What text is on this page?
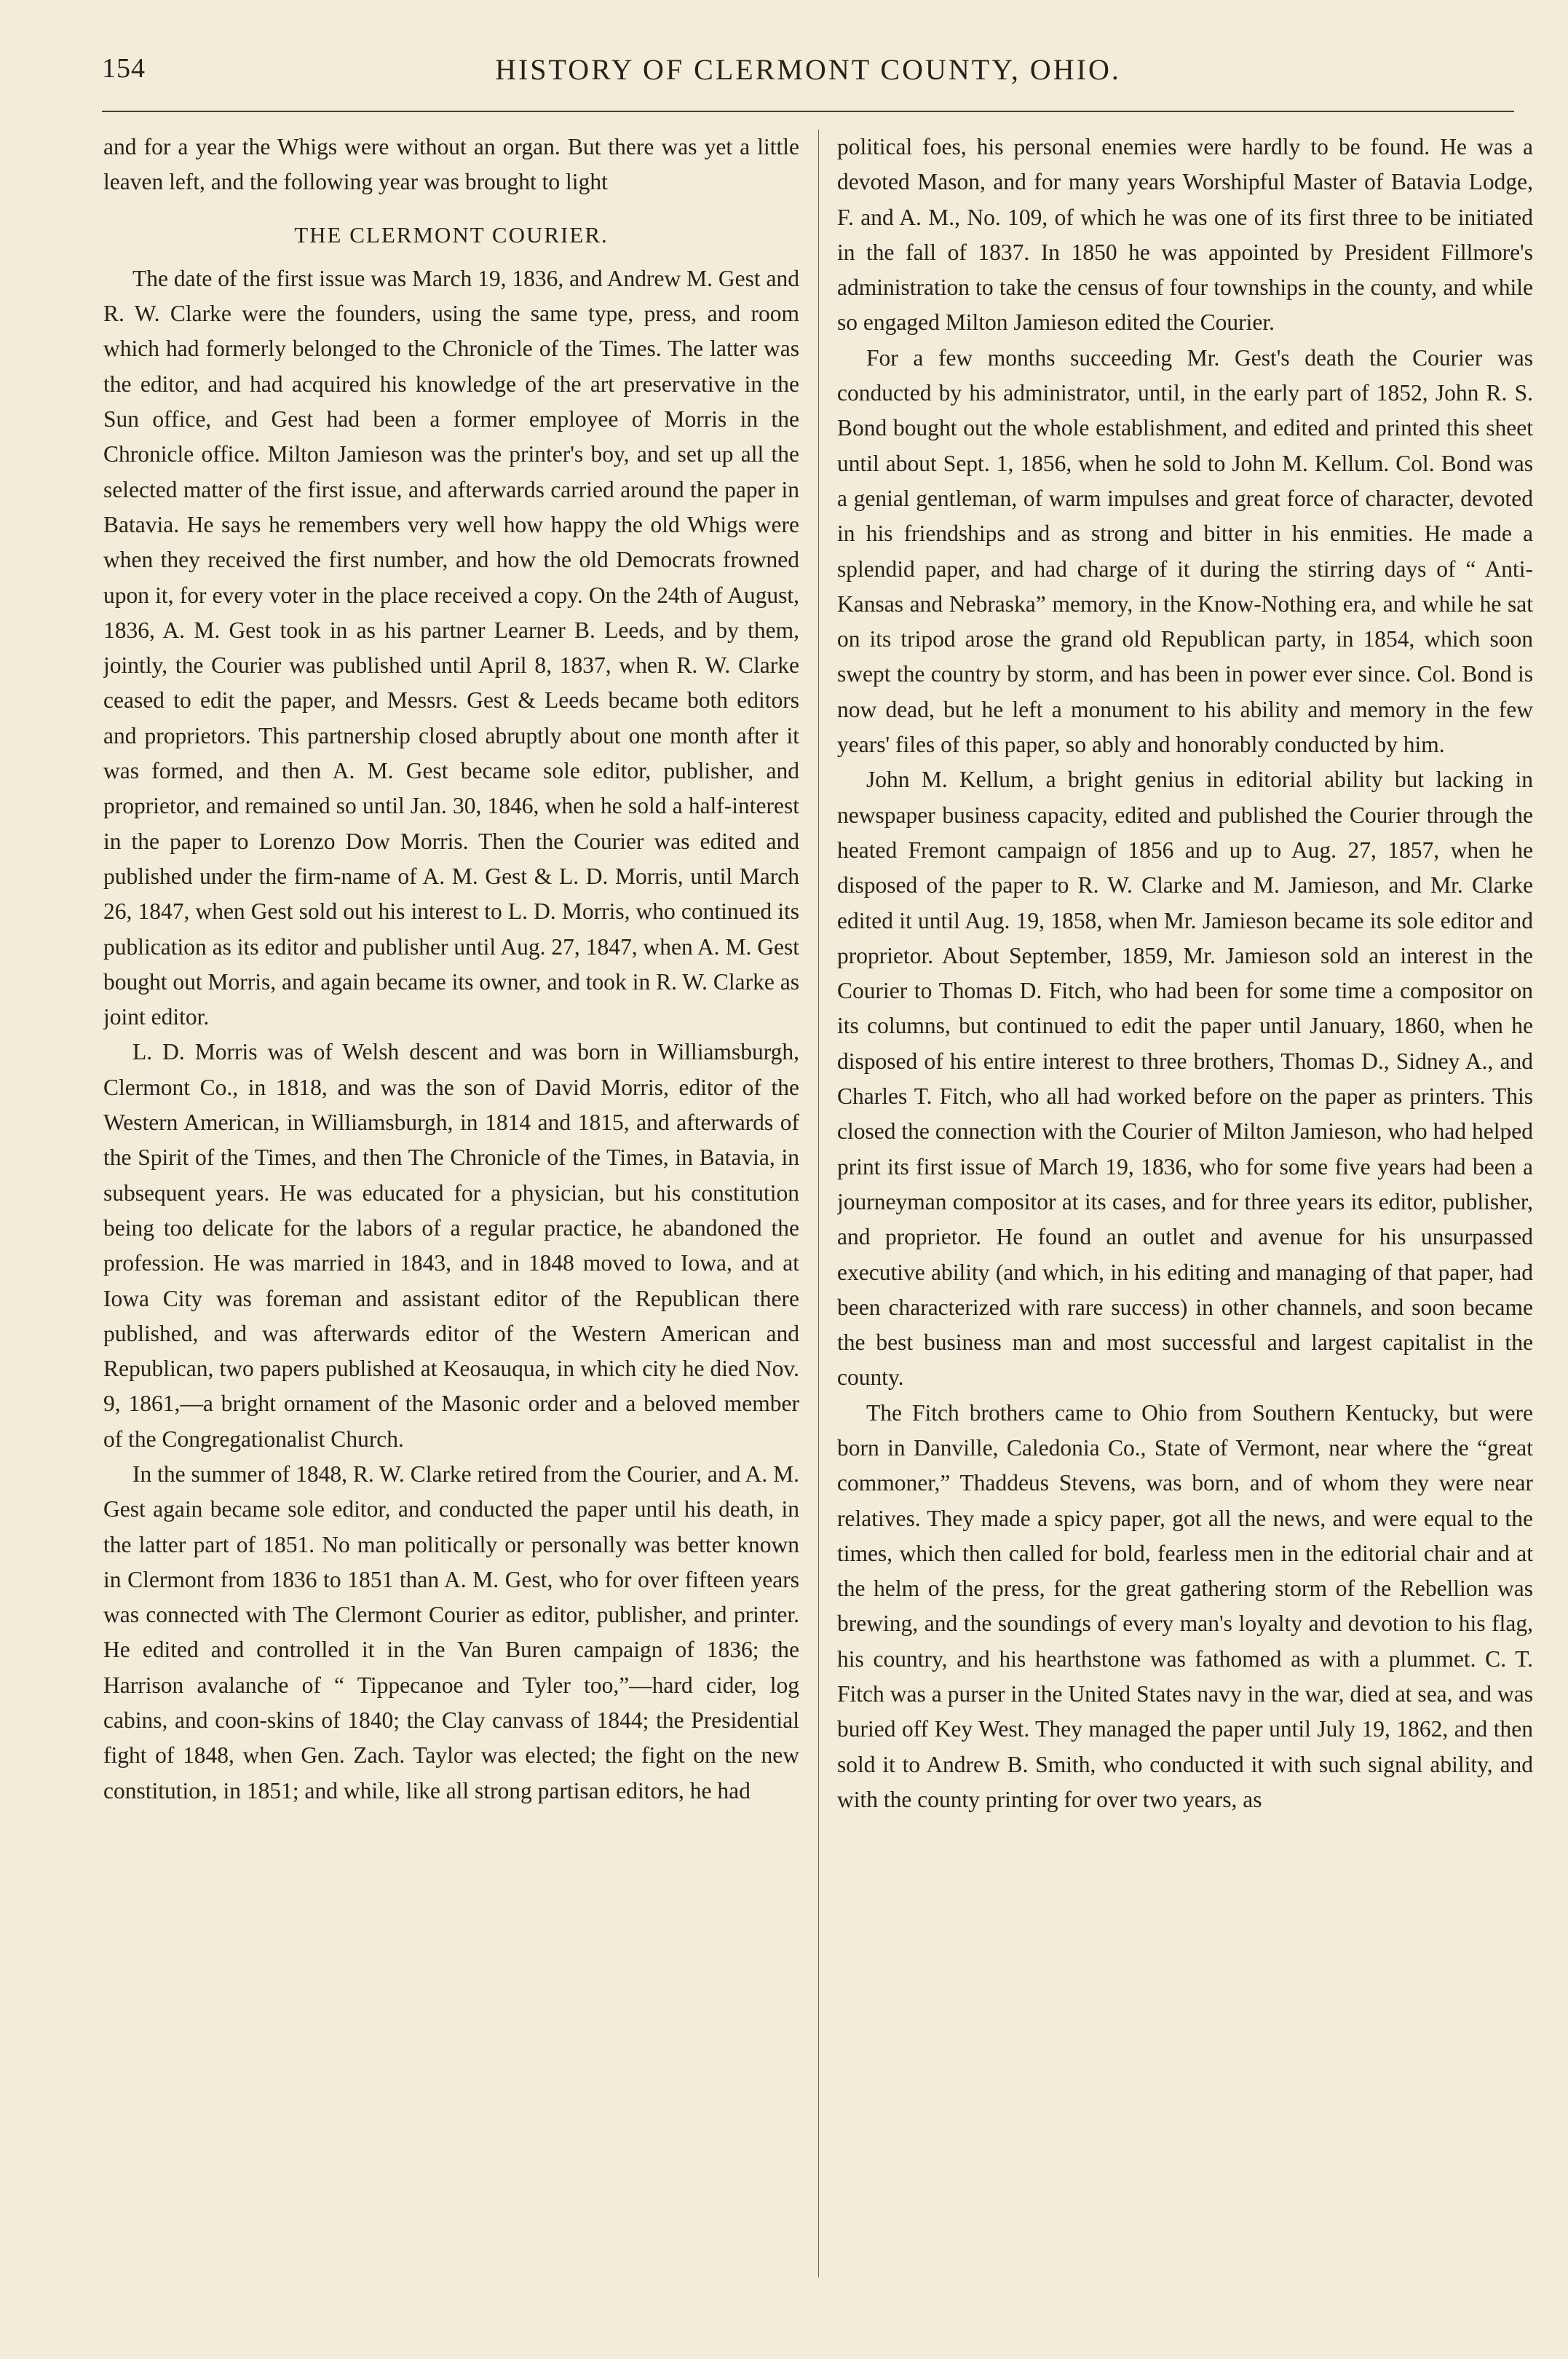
154	HISTORY OF CLERMONT COUNTY, OHIO.

and for a year the Whigs were without an organ. But there was yet a little leaven left, and the following year was brought to light

THE CLERMONT COURIER.

The date of the first issue was March 19, 1836, and Andrew M. Gest and R. W. Clarke were the founders, using the same type, press, and room which had formerly belonged to the Chronicle of the Times. The latter was the editor, and had acquired his knowledge of the art preservative in the Sun office, and Gest had been a former employee of Morris in the Chronicle office. Milton Jamieson was the printer's boy, and set up all the selected matter of the first issue, and afterwards carried around the paper in Batavia. He says he remembers very well how happy the old Whigs were when they received the first number, and how the old Democrats frowned upon it, for every voter in the place received a copy. On the 24th of August, 1836, A. M. Gest took in as his partner Learner B. Leeds, and by them, jointly, the Courier was published until April 8, 1837, when R. W. Clarke ceased to edit the paper, and Messrs. Gest & Leeds became both editors and proprietors. This partnership closed abruptly about one month after it was formed, and then A. M. Gest became sole editor, publisher, and proprietor, and remained so until Jan. 30, 1846, when he sold a half-interest in the paper to Lorenzo Dow Morris. Then the Courier was edited and published under the firm-name of A. M. Gest & L. D. Morris, until March 26, 1847, when Gest sold out his interest to L. D. Morris, who continued its publication as its editor and publisher until Aug. 27, 1847, when A. M. Gest bought out Morris, and again became its owner, and took in R. W. Clarke as joint editor.

L. D. Morris was of Welsh descent and was born in Williamsburgh, Clermont Co., in 1818, and was the son of David Morris, editor of the Western American, in Williamsburgh, in 1814 and 1815, and afterwards of the Spirit of the Times, and then The Chronicle of the Times, in Batavia, in subsequent years. He was educated for a physician, but his constitution being too delicate for the labors of a regular practice, he abandoned the profession. He was married in 1843, and in 1848 moved to Iowa, and at Iowa City was foreman and assistant editor of the Republican there published, and was afterwards editor of the Western American and Republican, two papers published at Keosauqua, in which city he died Nov. 9, 1861,—a bright ornament of the Masonic order and a beloved member of the Congregationalist Church.

In the summer of 1848, R. W. Clarke retired from the Courier, and A. M. Gest again became sole editor, and conducted the paper until his death, in the latter part of 1851. No man politically or personally was better known in Clermont from 1836 to 1851 than A. M. Gest, who for over fifteen years was connected with The Clermont Courier as editor, publisher, and printer. He edited and controlled it in the Van Buren campaign of 1836; the Harrison avalanche of “ Tippecanoe and Tyler too,”—hard cider, log cabins, and coon-skins of 1840; the Clay canvass of 1844; the Presidential fight of 1848, when Gen. Zach. Taylor was elected; the fight on the new constitution, in 1851; and while, like all strong partisan editors, he had

political foes, his personal enemies were hardly to be found. He was a devoted Mason, and for many years Worshipful Master of Batavia Lodge, F. and A. M., No. 109, of which he was one of its first three to be initiated in the fall of 1837. In 1850 he was appointed by President Fillmore's administration to take the census of four townships in the county, and while so engaged Milton Jamieson edited the Courier.

For a few months succeeding Mr. Gest's death the Courier was conducted by his administrator, until, in the early part of 1852, John R. S. Bond bought out the whole establishment, and edited and printed this sheet until about Sept. 1, 1856, when he sold to John M. Kellum. Col. Bond was a genial gentleman, of warm impulses and great force of character, devoted in his friendships and as strong and bitter in his enmities. He made a splendid paper, and had charge of it during the stirring days of “ Anti-Kansas and Nebraska” memory, in the Know-Nothing era, and while he sat on its tripod arose the grand old Republican party, in 1854, which soon swept the country by storm, and has been in power ever since. Col. Bond is now dead, but he left a monument to his ability and memory in the few years' files of this paper, so ably and honorably conducted by him.

John M. Kellum, a bright genius in editorial ability but lacking in newspaper business capacity, edited and published the Courier through the heated Fremont campaign of 1856 and up to Aug. 27, 1857, when he disposed of the paper to R. W. Clarke and M. Jamieson, and Mr. Clarke edited it until Aug. 19, 1858, when Mr. Jamieson became its sole editor and proprietor. About September, 1859, Mr. Jamieson sold an interest in the Courier to Thomas D. Fitch, who had been for some time a compositor on its columns, but continued to edit the paper until January, 1860, when he disposed of his entire interest to three brothers, Thomas D., Sidney A., and Charles T. Fitch, who all had worked before on the paper as printers. This closed the connection with the Courier of Milton Jamieson, who had helped print its first issue of March 19, 1836, who for some five years had been a journeyman compositor at its cases, and for three years its editor, publisher, and proprietor. He found an outlet and avenue for his unsurpassed executive ability (and which, in his editing and managing of that paper, had been characterized with rare success) in other channels, and soon became the best business man and most successful and largest capitalist in the county.

The Fitch brothers came to Ohio from Southern Kentucky, but were born in Danville, Caledonia Co., State of Vermont, near where the “great commoner,” Thaddeus Stevens, was born, and of whom they were near relatives. They made a spicy paper, got all the news, and were equal to the times, which then called for bold, fearless men in the editorial chair and at the helm of the press, for the great gathering storm of the Rebellion was brewing, and the soundings of every man's loyalty and devotion to his flag, his country, and his hearthstone was fathomed as with a plummet. C. T. Fitch was a purser in the United States navy in the war, died at sea, and was buried off Key West. They managed the paper until July 19, 1862, and then sold it to Andrew B. Smith, who conducted it with such signal ability, and with the county printing for over two years, as
